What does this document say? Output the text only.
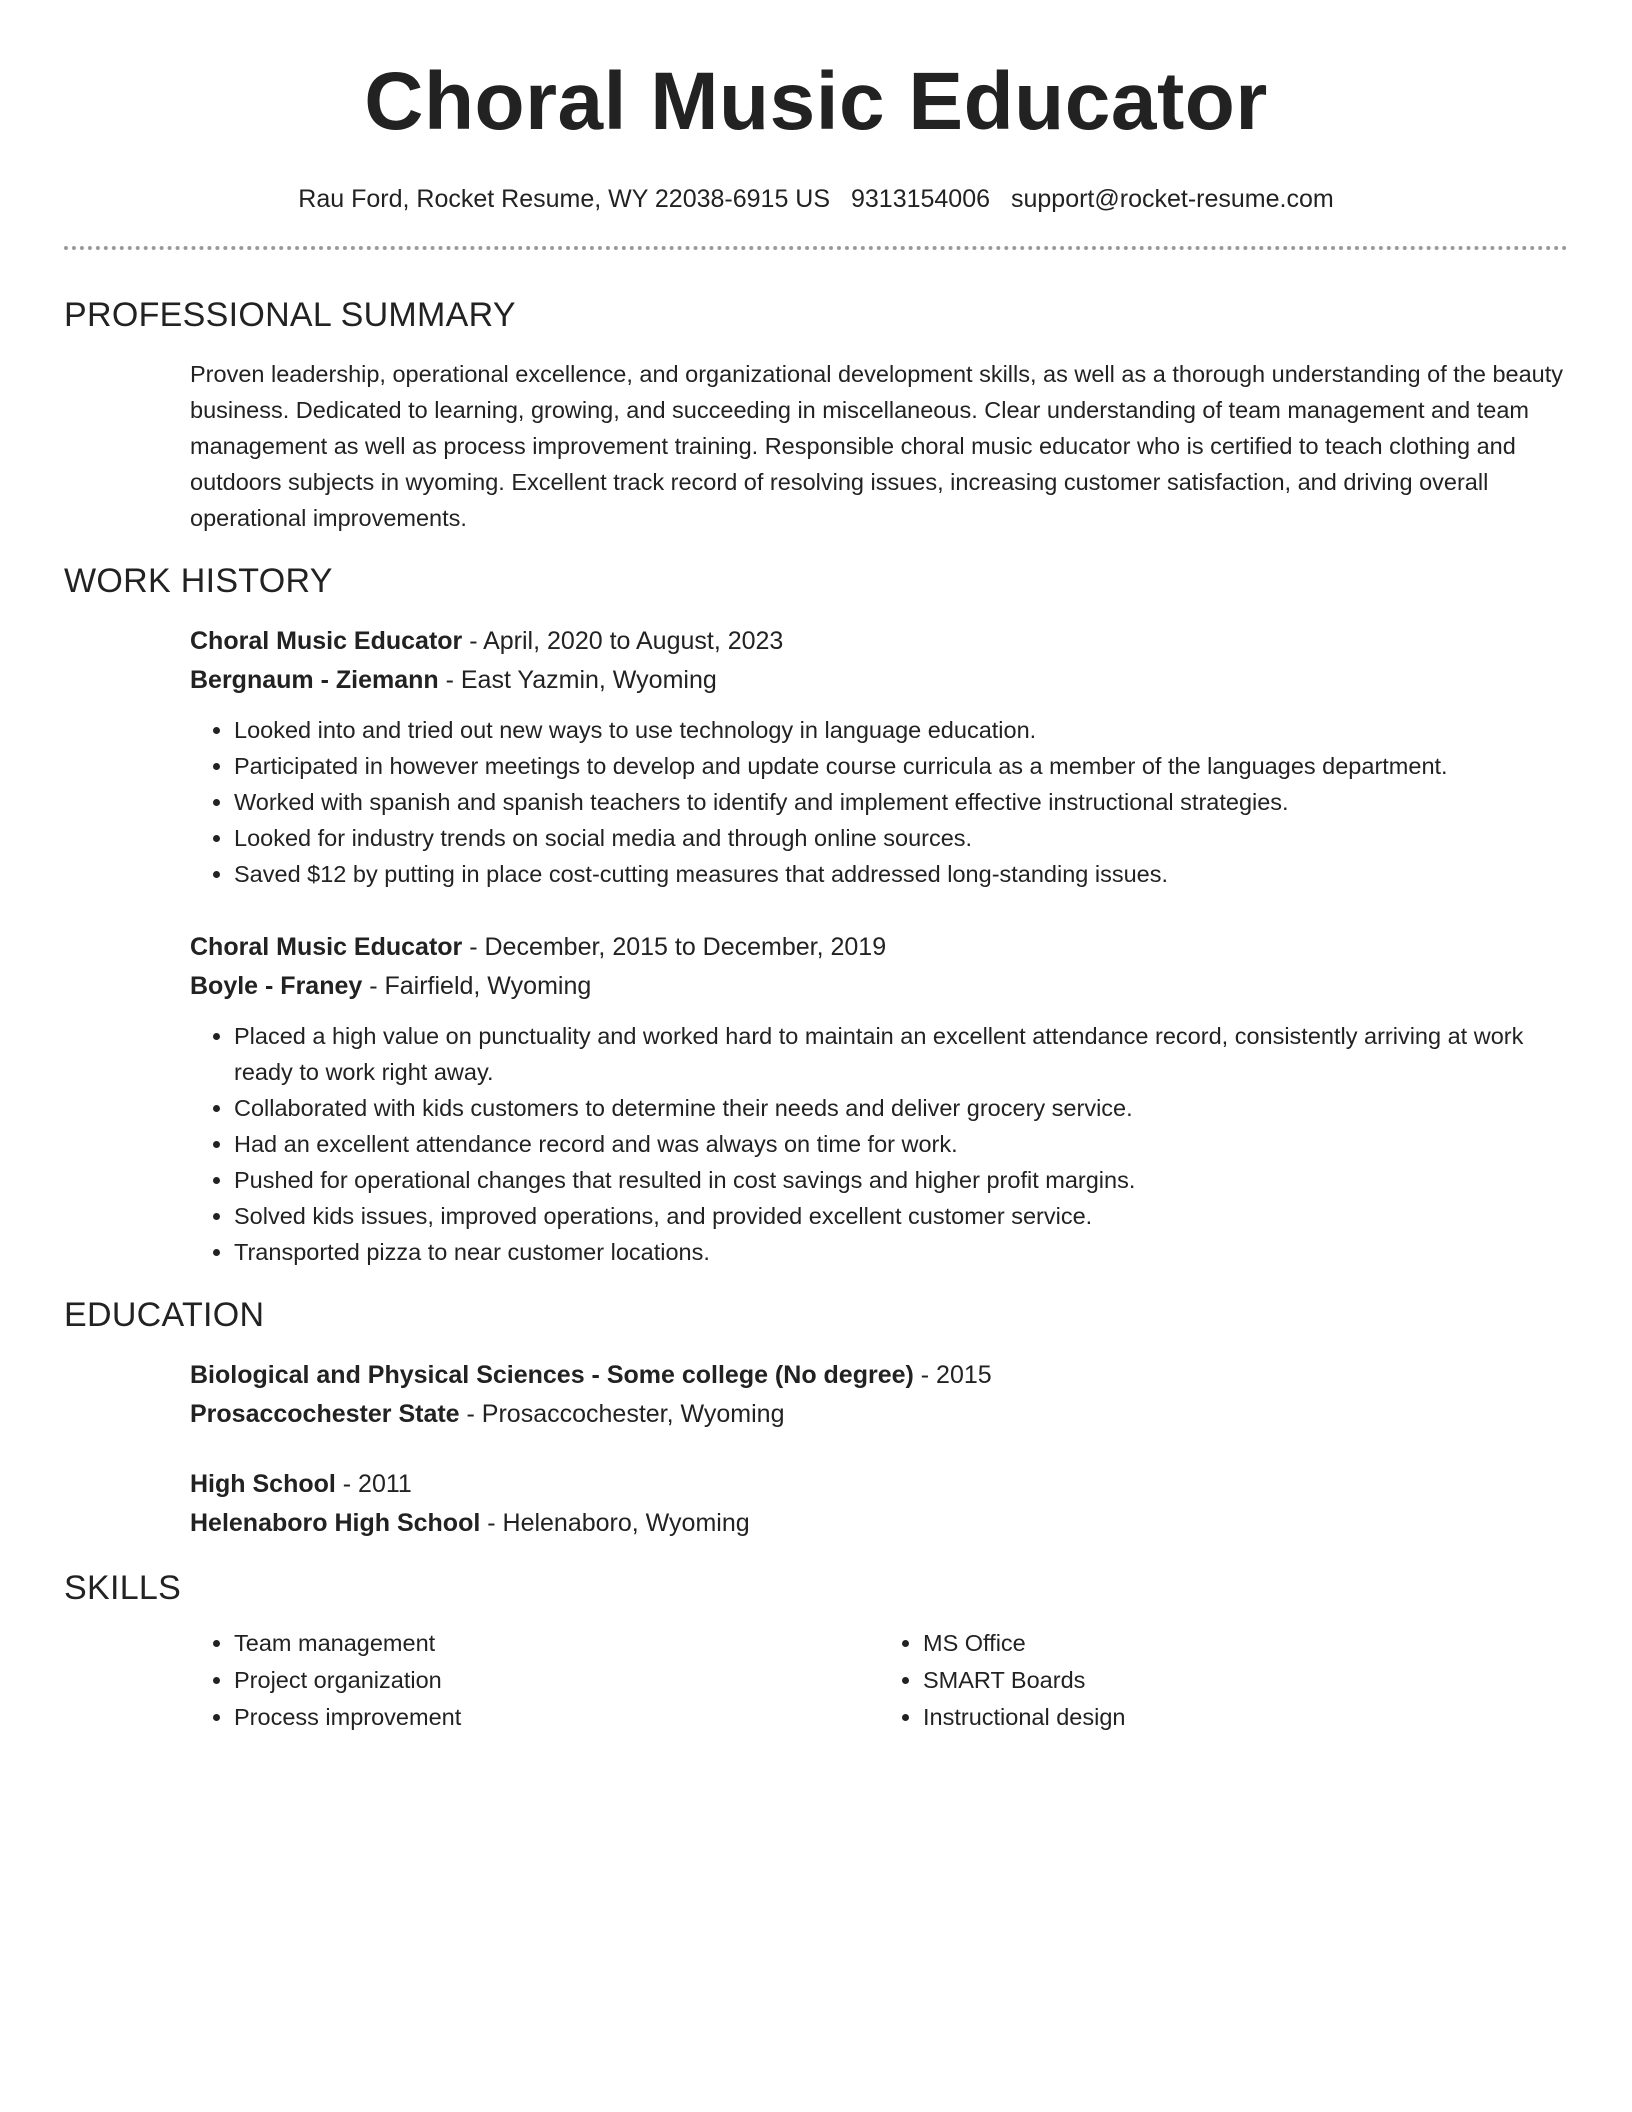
Choral Music Educator
Rau Ford, Rocket Resume, WY 22038-6915 US 9313154006 support@rocket-resume.com
PROFESSIONAL SUMMARY
Proven leadership, operational excellence, and organizational development skills, as well as a thorough understanding of the beauty business. Dedicated to learning, growing, and succeeding in miscellaneous. Clear understanding of team management and team management as well as process improvement training. Responsible choral music educator who is certified to teach clothing and outdoors subjects in wyoming. Excellent track record of resolving issues, increasing customer satisfaction, and driving overall operational improvements.
WORK HISTORY
Choral Music Educator - April, 2020 to August, 2023
Bergnaum - Ziemann - East Yazmin, Wyoming
• Looked into and tried out new ways to use technology in language education.
• Participated in however meetings to develop and update course curricula as a member of the languages department.
• Worked with spanish and spanish teachers to identify and implement effective instructional strategies.
• Looked for industry trends on social media and through online sources.
• Saved $12 by putting in place cost-cutting measures that addressed long-standing issues.
Choral Music Educator - December, 2015 to December, 2019
Boyle - Franey - Fairfield, Wyoming
• Placed a high value on punctuality and worked hard to maintain an excellent attendance record, consistently arriving at work ready to work right away.
• Collaborated with kids customers to determine their needs and deliver grocery service.
• Had an excellent attendance record and was always on time for work.
• Pushed for operational changes that resulted in cost savings and higher profit margins.
• Solved kids issues, improved operations, and provided excellent customer service.
• Transported pizza to near customer locations.
EDUCATION
Biological and Physical Sciences - Some college (No degree) - 2015
Prosaccochester State - Prosaccochester, Wyoming
High School - 2011
Helenaboro High School - Helenaboro, Wyoming
SKILLS
• Team management
• Project organization
• Process improvement
• MS Office
• SMART Boards
• Instructional design
